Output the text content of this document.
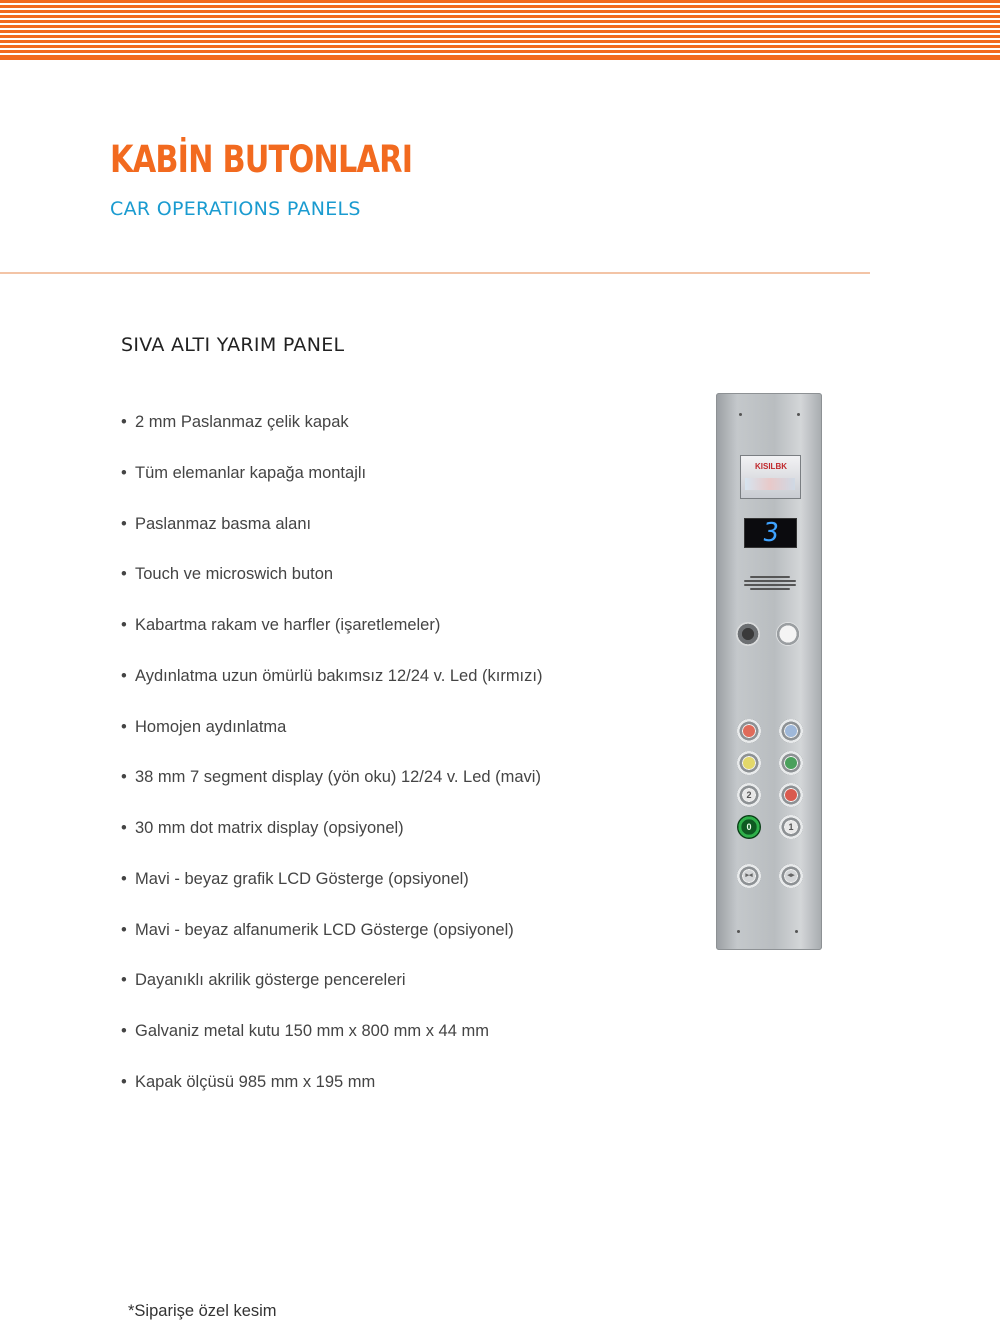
KABİN BUTONLARI
CAR OPERATIONS PANELS
SIVA ALTI YARIM PANEL
• 2 mm Paslanmaz çelik kapak
• Tüm elemanlar kapağa montajlı
• Paslanmaz basma alanı
• Touch ve microswich buton
• Kabartma rakam ve harfler (işaretlemeler)
• Aydınlatma uzun ömürlü bakımsız 12/24 v. Led (kırmızı)
• Homojen aydınlatma
• 38 mm 7 segment display (yön oku) 12/24 v. Led (mavi)
• 30 mm dot matrix display (opsiyonel)
• Mavi - beyaz grafik LCD Gösterge (opsiyonel)
• Mavi - beyaz alfanumerik LCD Gösterge (opsiyonel)
• Dayanıklı akrilik gösterge pencereleri
• Galvaniz metal kutu 150 mm x 800 mm x 44 mm
• Kapak ölçüsü 985 mm x 195 mm
KISILBK
3
2
0	1
▸◂	◂▸
*Siparişe özel kesim
